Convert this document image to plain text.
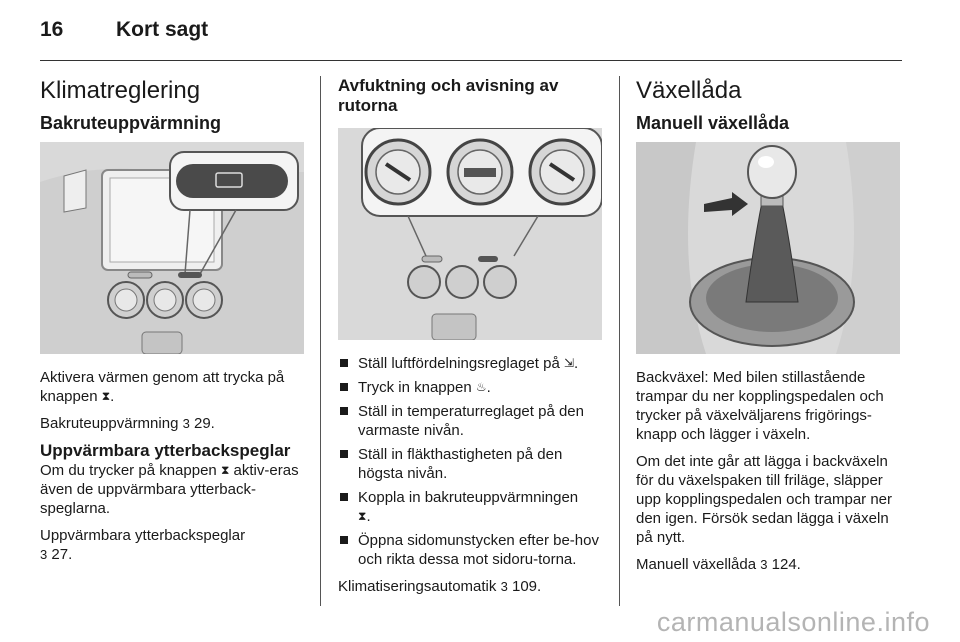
16	Kort sagt
Klimatreglering
Bakruteuppvärmning

Aktivera värmen genom att trycka på knappen ⧗.

Bakruteuppvärmning 3 29.

Uppvärmbara ytterbackspeglar

Om du trycker på knappen ⧗ aktiv-eras även de uppvärmbara ytterback-speglarna.

Uppvärmbara ytterbackspeglar
3 27.

Avfuktning och avisning av rutorna
Ställ luftfördelningsreglaget på ⇲.
Tryck in knappen ♨.
Ställ in temperaturreglaget på den varmaste nivån.
Ställ in fläkthastigheten på den högsta nivån.
Koppla in bakruteuppvärmningen
⧗.
Öppna sidomunstycken efter be-hov och rikta dessa mot sidoru-torna.

Klimatiseringsautomatik 3 109.

Växellåda
Manuell växellåda

Backväxel: Med bilen stillastående trampar du ner kopplingspedalen och trycker på växelväljarens frigörings-knapp och lägger i växeln.

Om det inte går att lägga i backväxeln för du växelspaken till friläge, släpper upp kopplingspedalen och trampar ner den igen. Försök sedan lägga i växeln på nytt.

Manuell växellåda 3 124.

carmanualsonline.info
